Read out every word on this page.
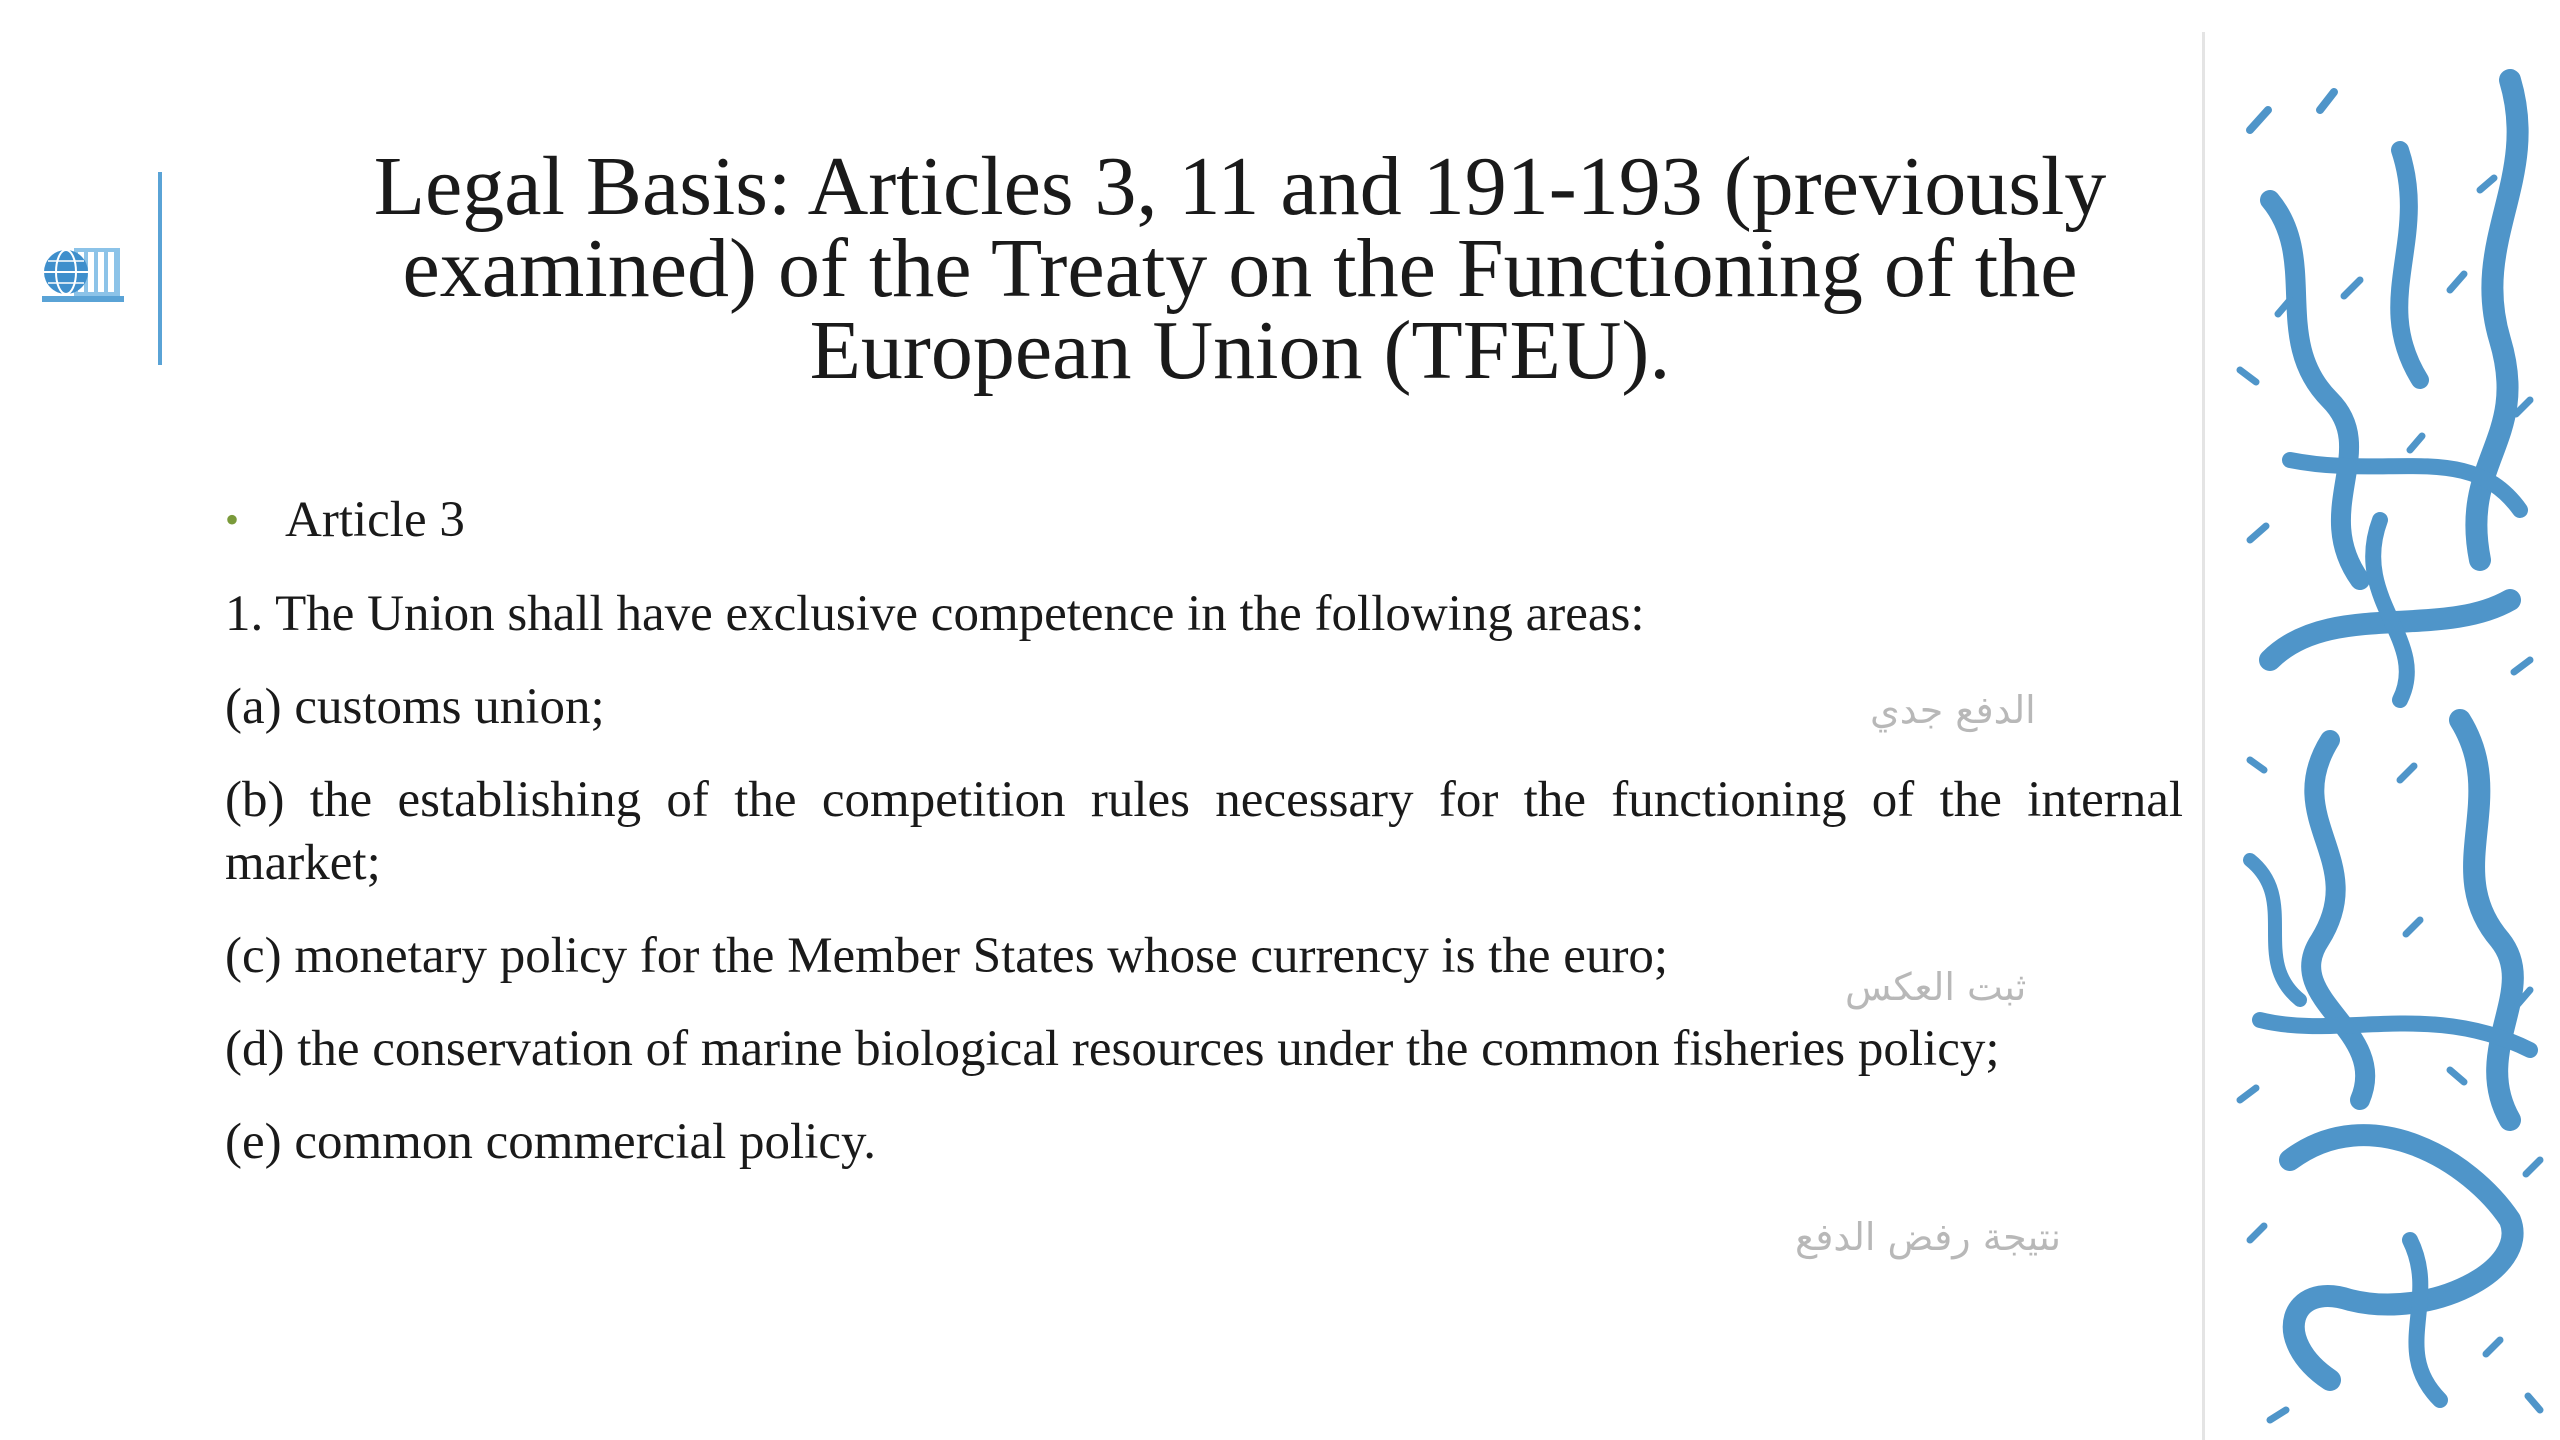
Legal Basis: Articles 3, 11 and 191-193 (previously examined) of the Treaty on the Functioning of the European Union (TFEU).
• Article 3

1. The Union shall have exclusive competence in the following areas:

(a) customs union;

(b) the establishing of the competition rules necessary for the functioning of the internal market;

(c) monetary policy for the Member States whose currency is the euro;

(d) the conservation of marine biological resources under the common fisheries policy;

(e) common commercial policy.

الدفع جدي
ثبت العكس
نتيجة رفض الدفع
